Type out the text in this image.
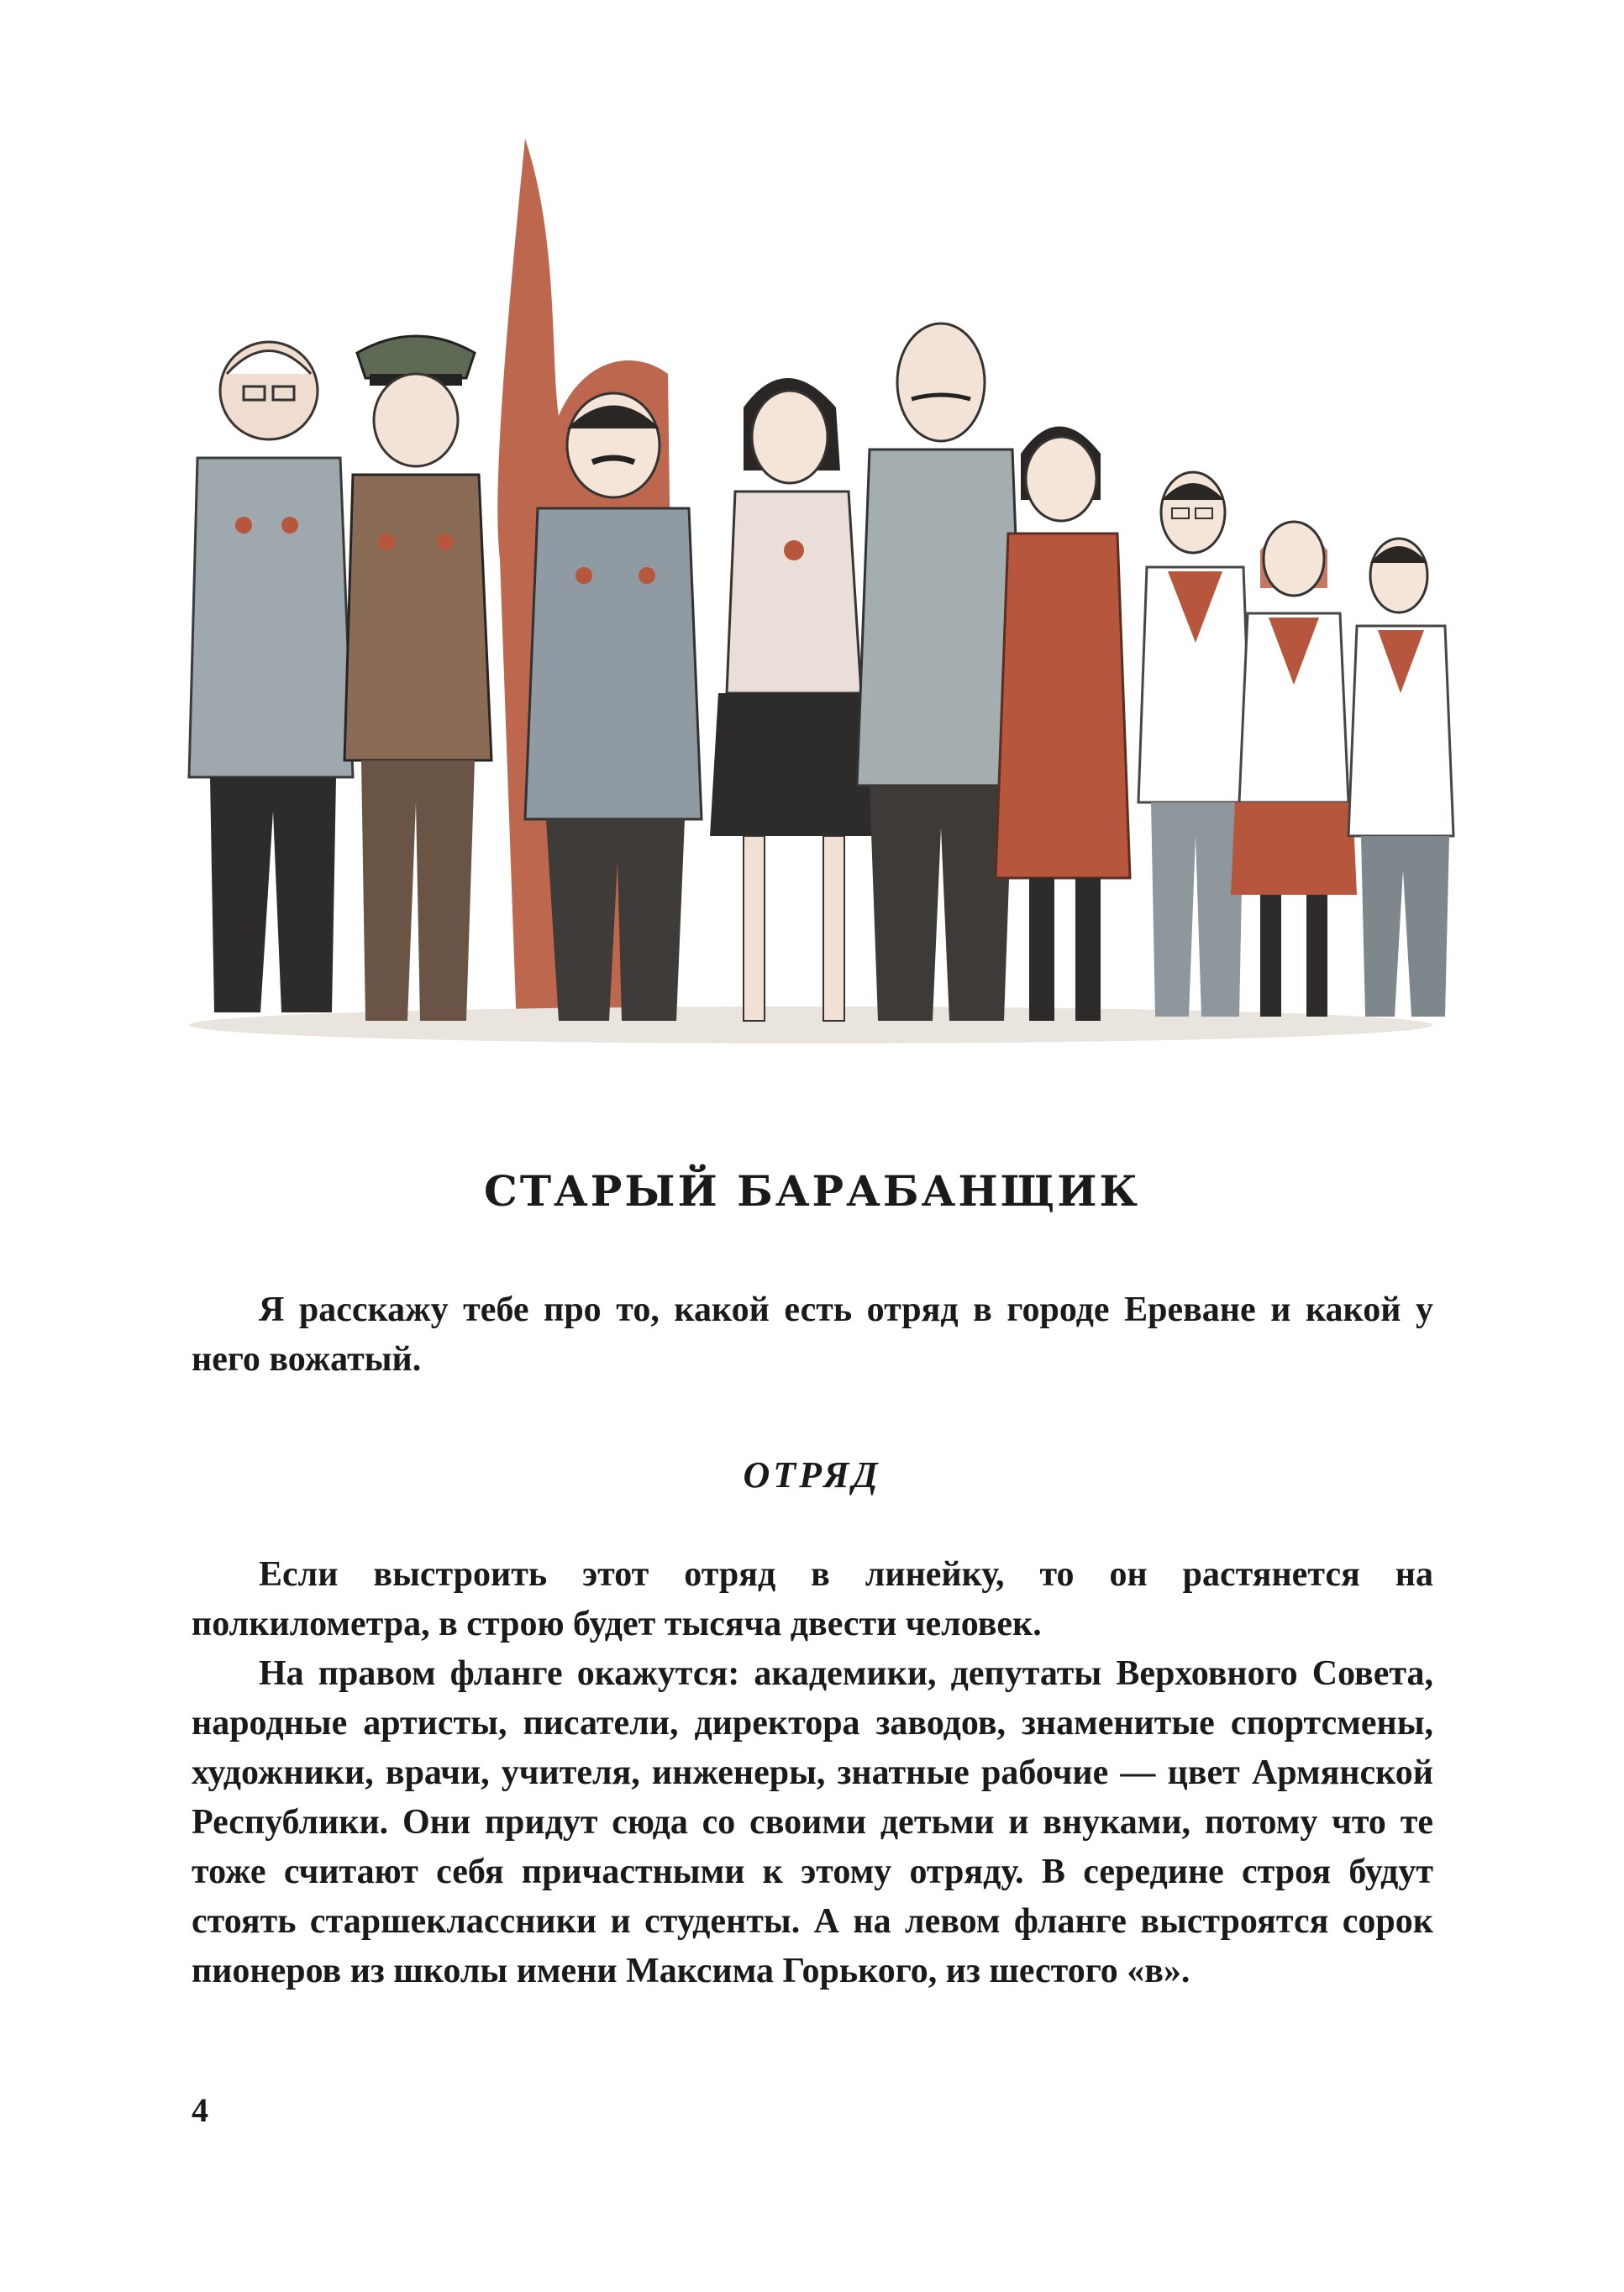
СТАРЫЙ БАРАБАНЩИК

Я расскажу тебе про то, какой есть отряд в городе Ереване и какой у него вожатый.

ОТРЯД

Если выстроить этот отряд в линейку, то он растянется на полкилометра, в строю будет тысяча двести человек.

На правом фланге окажутся: академики, депутаты Верховного Совета, народные артисты, писатели, директора заводов, знаменитые спортсмены, художники, врачи, учителя, инженеры, знатные рабочие — цвет Армянской Республики. Они придут сюда со своими детьми и внуками, потому что те тоже считают себя причастными к этому отряду. В середине строя будут стоять старшеклассники и студенты. А на левом фланге выстроятся сорок пионеров из школы имени Максима Горького, из шестого «в».

4
